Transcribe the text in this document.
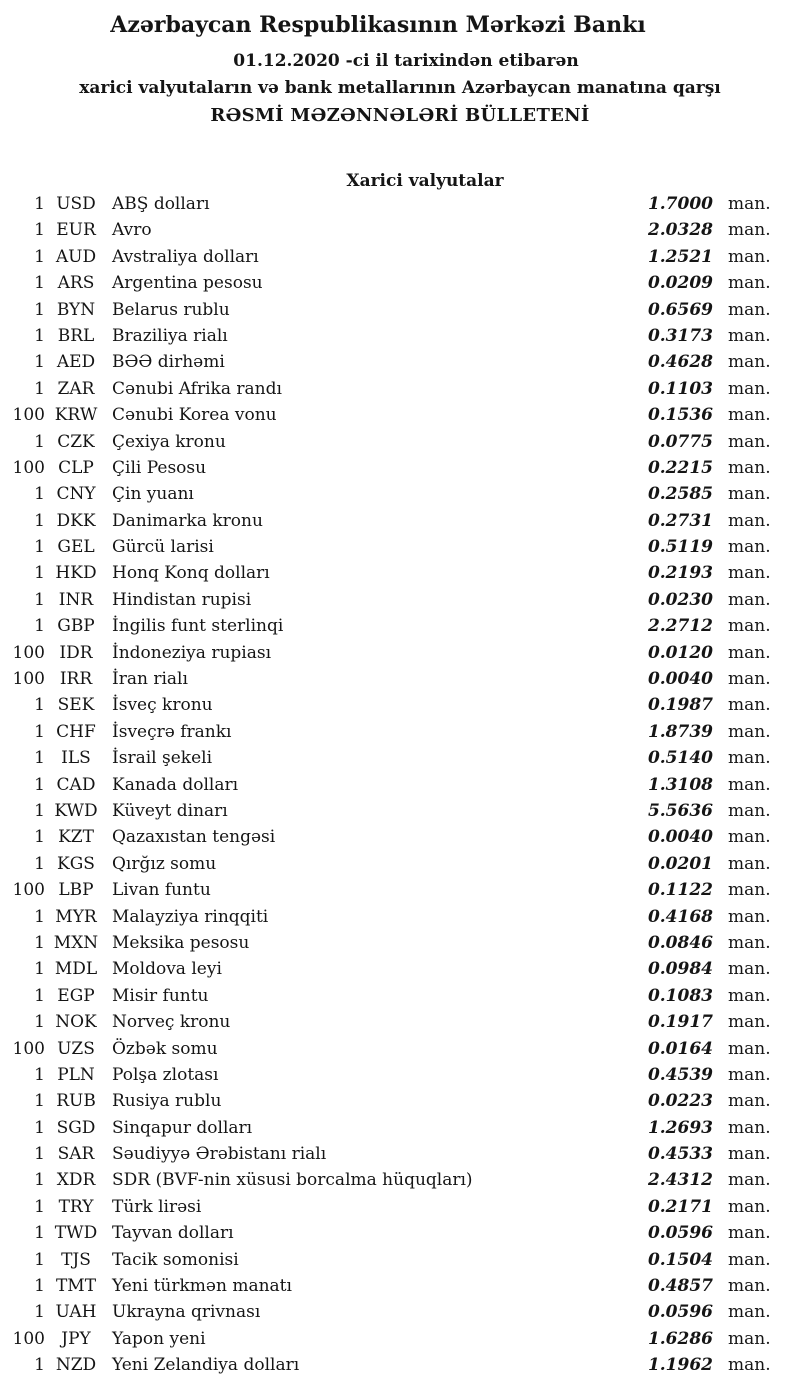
Azərbaycan Respublikasının Mərkəzi Bankı
01.12.2020 -ci il tarixindən etibarən
xarici valyutaların və bank metallarının Azərbaycan manatına qarşı
RƏSMİ MƏZƏNNƏLƏRİ BÜLLETENİ
Xarici valyutalar
1 USD ABŞ dolları	1.7000 man.
1 EUR Avro	2.0328 man.
1 AUD Avstraliya dolları	1.2521 man.
1 ARS	Argentina pesosu	0.0209 man.
1 BYN Belarus rublu	0.6569 man.
1 BRL	Braziliya rialı	0.3173 man.
1 AED BƏƏ dirhəmi	0.4628 man.
1 ZAR	Cənubi Afrika randı	0.1103 man.
100 KRW Cənubi Korea vonu	0.1536 man.
1 CZK	Çexiya kronu	0.0775 man.
100 CLP	Çili Pesosu	0.2215 man.
1 CNY Çin yuanı	0.2585 man.
1 DKK Danimarka kronu	0.2731 man.
1 GEL	Gürcü larisi	0.5119 man.
1 HKD Honq Konq dolları	0.2193 man.
1 INR	Hindistan rupisi	0.0230 man.
1 GBP	İngilis funt sterlinqi	2.2712 man.
100 IDR	İndoneziya rupiası	0.0120 man.
100 IRR	İran rialı	0.0040 man.
1 SEK	İsveç kronu	0.1987 man.
1 CHF İsveçrə frankı	1.8739 man.
1 ILS	İsrail şekeli	0.5140 man.
1 CAD Kanada dolları	1.3108 man.
1 KWD Küveyt dinarı	5.5636 man.
1 KZT	Qazaxıstan tengəsi	0.0040 man.
1 KGS	Qırğız somu	0.0201 man.
100 LBP	Livan funtu	0.1122 man.
1 MYR Malayziya rinqqiti	0.4168 man.
1 MXN Meksika pesosu	0.0846 man.
1 MDL Moldova leyi	0.0984 man.
1 EGP	Misir funtu	0.1083 man.
1 NOK Norveç kronu	0.1917 man.
100 UZS	Özbək somu	0.0164 man.
1 PLN	Polşa zlotası	0.4539 man.
1 RUB Rusiya rublu	0.0223 man.
1 SGD Sinqapur dolları	1.2693 man.
1 SAR	Səudiyyə Ərəbistanı rialı	0.4533 man.
1 XDR SDR (BVF-nin xüsusi borcalma hüquqları)	2.4312 man.
1 TRY	Türk lirəsi	0.2171 man.
1 TWD Tayvan dolları	0.0596 man.
1 TJS	Tacik somonisi	0.1504 man.
1 TMT Yeni türkmən manatı	0.4857 man.
1 UAH Ukrayna qrivnası	0.0596 man.
100 JPY	Yapon yeni	1.6286 man.
1 NZD Yeni Zelandiya dolları	1.1962 man.
